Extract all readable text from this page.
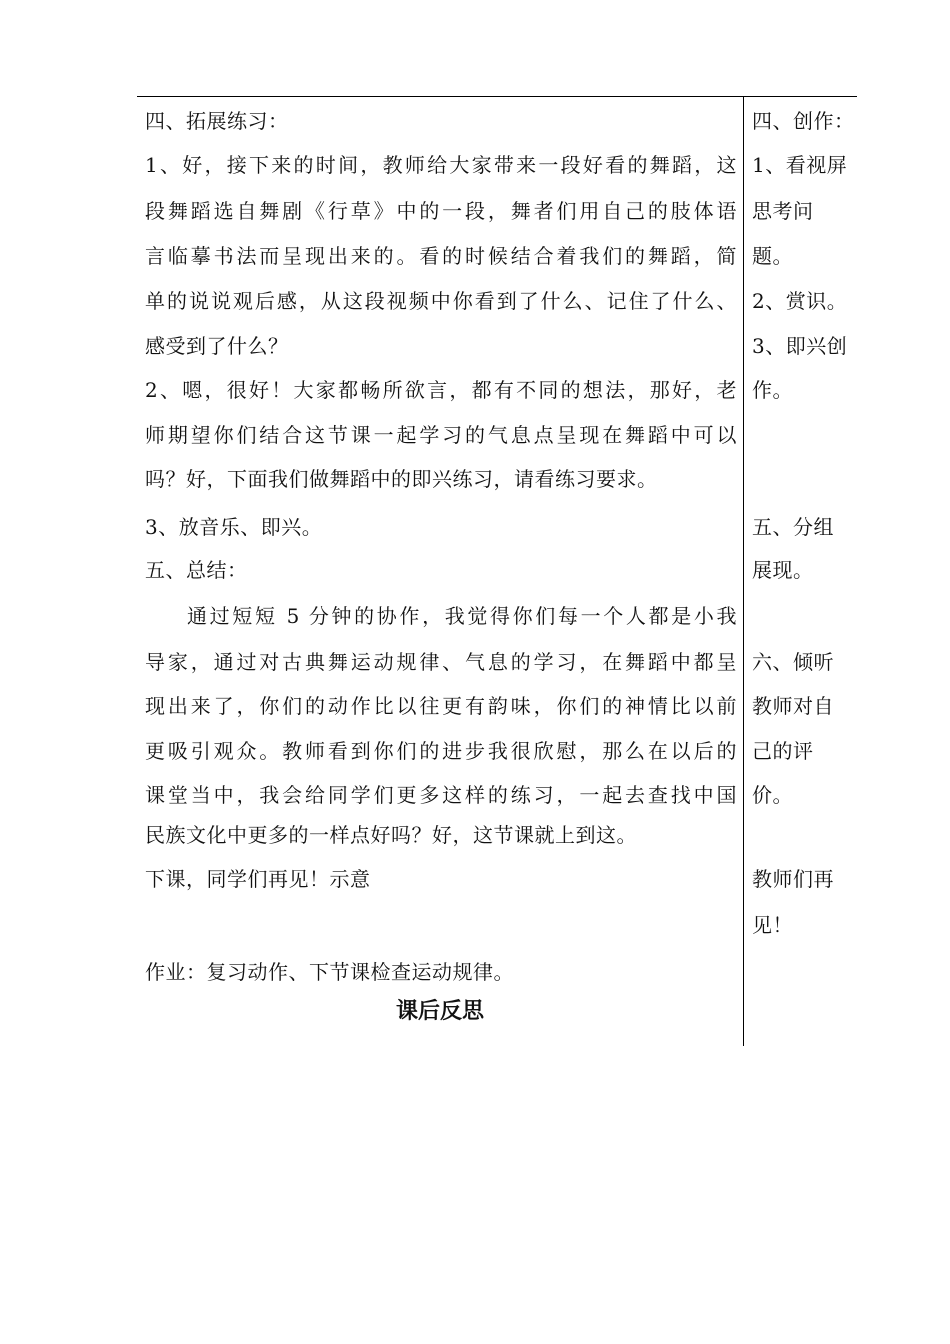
四、拓展练习：
1、好，接下来的时间，教师给大家带来一段好看的舞蹈，这
段舞蹈选自舞剧《行草》中的一段，舞者们用自己的肢体语
言临摹书法而呈现出来的。看的时候结合着我们的舞蹈，简
单的说说观后感，从这段视频中你看到了什么、记住了什么、
感受到了什么？
2、嗯，很好！大家都畅所欲言，都有不同的想法，那好，老
师期望你们结合这节课一起学习的气息点呈现在舞蹈中可以
吗？好，下面我们做舞蹈中的即兴练习，请看练习要求。
3、放音乐、即兴。
五、总结：
通过短短 5 分钟的协作，我觉得你们每一个人都是小我
导家，通过对古典舞运动规律、气息的学习，在舞蹈中都呈
现出来了，你们的动作比以往更有韵味，你们的神情比以前
更吸引观众。教师看到你们的进步我很欣慰，那么在以后的
课堂当中，我会给同学们更多这样的练习，一起去查找中国
民族文化中更多的一样点好吗？好，这节课就上到这。
下课，同学们再见！示意
作业：复习动作、下节课检查运动规律。
课后反思
四、创作：
1、看视屏
思考问
题。
2、赏识。
3、即兴创
作。
五、分组
展现。
六、倾听
教师对自
己的评
价。
教师们再
见！
